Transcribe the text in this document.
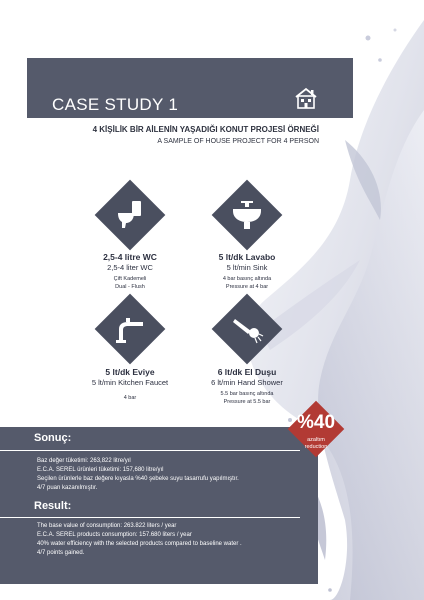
CASE STUDY 1
4 KİŞİLİK BİR AİLENİN YAŞADIĞI KONUT PROJESİ ÖRNEĞİ
A SAMPLE OF HOUSE PROJECT FOR 4 PERSON
2,5-4 litre WC
2,5-4 liter WC
Çift Kademeli
Dual - Flush
5 lt/dk Lavabo
5 lt/min Sink
4 bar basınç altında
Pressure at 4 bar
5 lt/dk Eviye
5 lt/min Kitchen Faucet
4 bar
6 lt/dk El Duşu
6 lt/min Hand Shower
5.5 bar basınç altında
Pressure at 5.5 bar
Sonuç:
Baz değer tüketimi: 263,822 litre/yıl
E.C.A. SEREL ürünleri tüketimi: 157,680 litre/yıl
Seçilen ürünlerle baz değere kıyasla %40 şebeke suyu tasarrufu yapılmıştır.
4/7 puan kazanılmıştır.
Result:
The base value of consumption: 263.822 liters / year
E.C.A. SEREL products consumption: 157.680 liters / year
40% water efficiency with the selected products compared to baseline water .
4/7 points gained.
%40
azaltım
reduction
